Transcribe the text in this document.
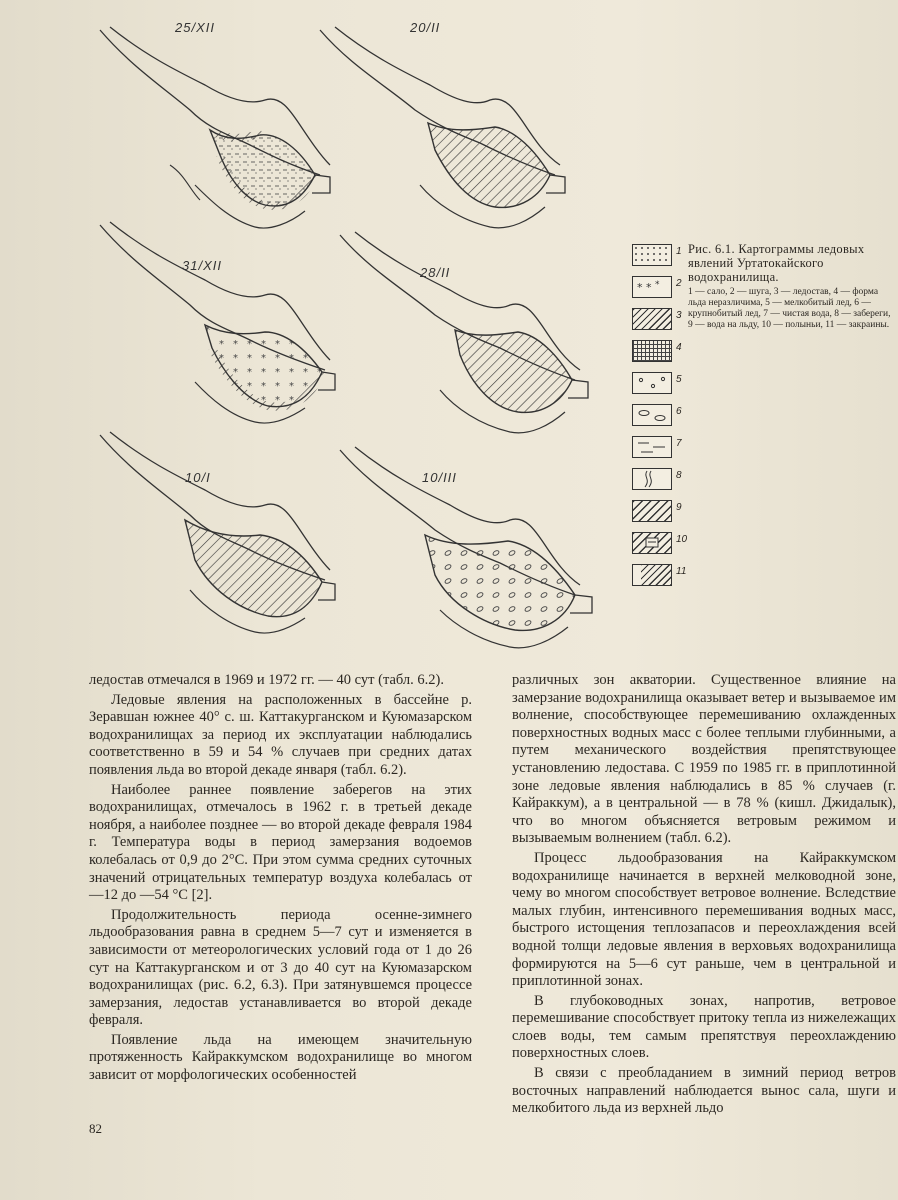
25/XII	20/II
31/XII	28/II
10/I	10/III
1
* * * 2
3
4
5
6
7
8
9
10
11
Рис. 6.1. Картограммы ледовых явлений Уртатокайского водохранилища.
1 — сало, 2 — шуга, 3 — ледостав, 4 — форма льда неразличима, 5 — мелкобитый лед, 6 — крупнобитый лед, 7 — чистая вода, 8 — забереги, 9 — вода на льду, 10 — полыньи, 11 — закраины.

ледостав отмечался в 1969 и 1972 гг. — 40 сут (табл. 6.2).

Ледовые явления на расположенных в бассейне р. Зеравшан южнее 40° с. ш. Каттакурганском и Куюмазарском водохранилищах за период их эксплуатации наблюдались соответственно в 59 и 54 % случаев при средних датах появления льда во второй декаде января (табл. 6.2).

Наиболее раннее появление заберегов на этих водохранилищах, отмечалось в 1962 г. в третьей декаде ноября, а наиболее позднее — во второй декаде февраля 1984 г. Температура воды в период замерзания водоемов колебалась от 0,9 до 2°С. При этом сумма средних суточных значений отрицательных температур воздуха колебалась от —12 до —54 °С [2].

Продолжительность периода осенне-зимнего льдообразования равна в среднем 5—7 сут и изменяется в зависимости от метеорологических условий года от 1 до 26 сут на Каттакурганском и от 3 до 40 сут на Куюмазарском водохранилищах (рис. 6.2, 6.3). При затянувшемся процессе замерзания, ледостав устанавливается во второй декаде февраля.

Появление льда на имеющем значительную протяженность Кайраккумском водохранилище во многом зависит от морфологических особенностей

различных зон акватории. Существенное влияние на замерзание водохранилища оказывает ветер и вызываемое им волнение, способствующее перемешиванию охлажденных поверхностных водных масс с более теплыми глубинными, а путем механического воздействия препятствующее установлению ледостава. С 1959 по 1985 гг. в приплотинной зоне ледовые явления наблюдались в 85 % случаев (г. Кайраккум), а в центральной — в 78 % (кишл. Джидалык), что во многом объясняется ветровым режимом и вызываемым волнением (табл. 6.2).

Процесс льдообразования на Кайраккумском водохранилище начинается в верхней мелководной зоне, чему во многом способствует ветровое волнение. Вследствие малых глубин, интенсивного перемешивания водных масс, быстрого истощения теплозапасов и переохлаждения всей водной толщи ледовые явления в верховьях водохранилища формируются на 5—6 сут раньше, чем в центральной и приплотинной зонах.

В глубоководных зонах, напротив, ветровое перемешивание способствует притоку тепла из нижележащих слоев воды, тем самым препятствуя переохлаждению поверхностных слоев.

В связи с преобладанием в зимний период ветров восточных направлений наблюдается вынос сала, шуги и мелкобитого льда из верхней льдо

82
